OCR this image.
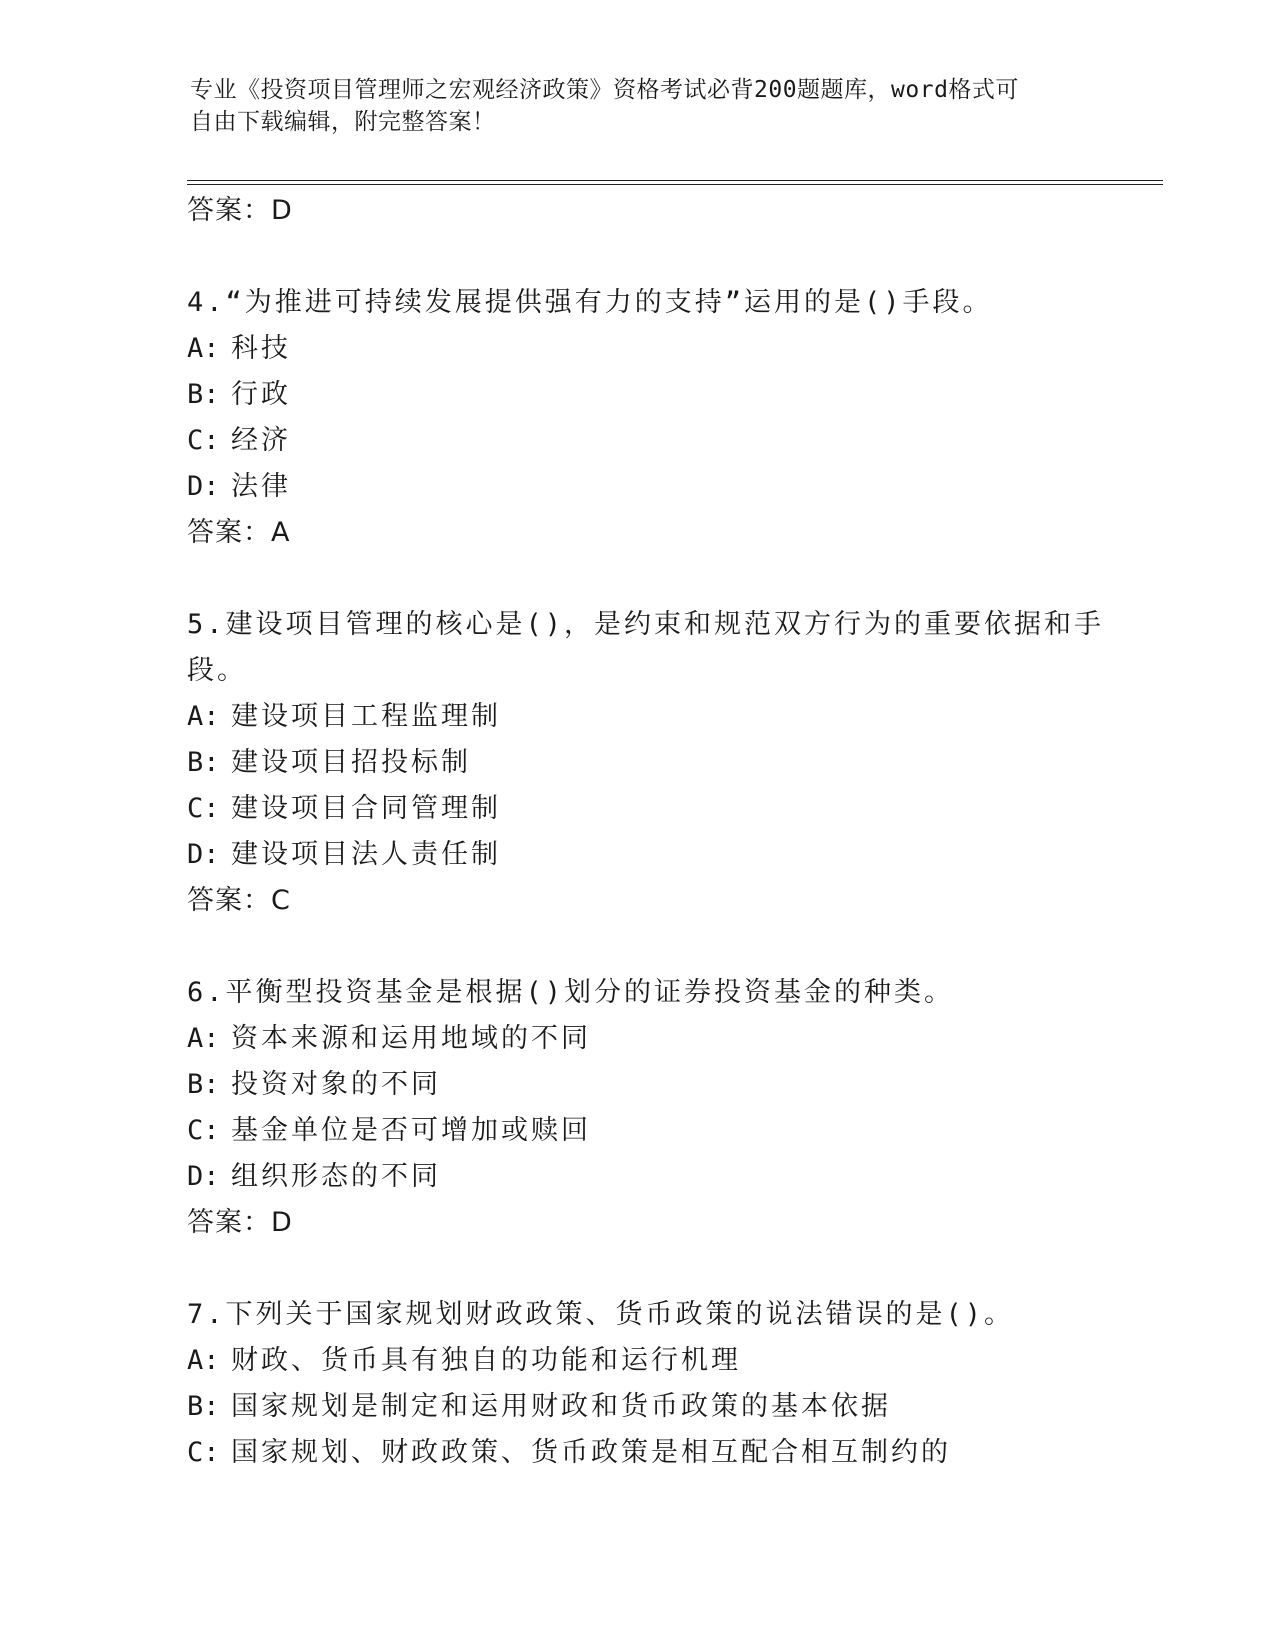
专业《投资项目管理师之宏观经济政策》资格考试必背200题题库，word格式可
自由下载编辑，附完整答案！
答案：D
4.“为推进可持续发展提供强有力的支持”运用的是()手段。
A: 科技
B: 行政
C: 经济
D: 法律
答案：A
5.建设项目管理的核心是()，是约束和规范双方行为的重要依据和手
段。
A: 建设项目工程监理制
B: 建设项目招投标制
C: 建设项目合同管理制
D: 建设项目法人责任制
答案：C
6.平衡型投资基金是根据()划分的证券投资基金的种类。
A: 资本来源和运用地域的不同
B: 投资对象的不同
C: 基金单位是否可增加或赎回
D: 组织形态的不同
答案：D
7.下列关于国家规划财政政策、货币政策的说法错误的是()。
A: 财政、货币具有独自的功能和运行机理
B: 国家规划是制定和运用财政和货币政策的基本依据
C: 国家规划、财政政策、货币政策是相互配合相互制约的
